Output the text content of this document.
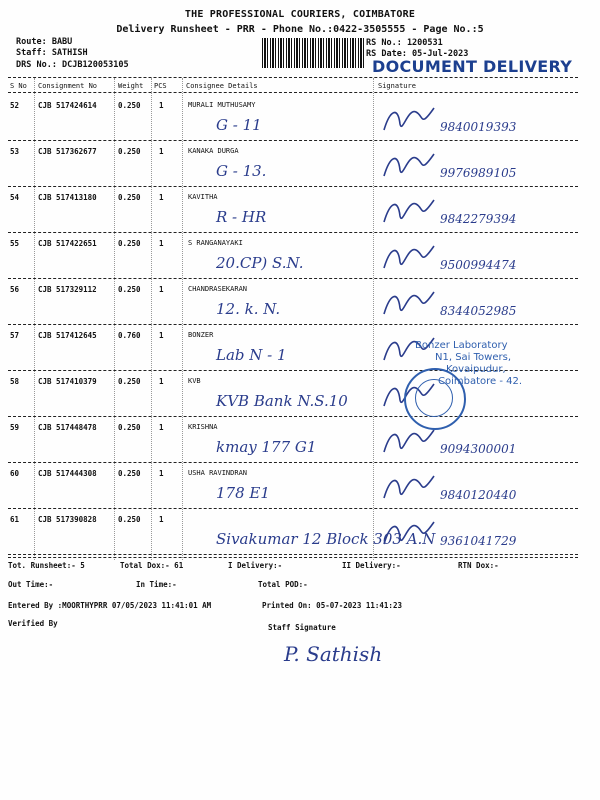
THE PROFESSIONAL COURIERS, COIMBATORE
Delivery Runsheet - PRR - Phone No.:0422-3505555 - Page No.:5
Route: BABU
Staff: SATHISH
DRS No.: DCJB120053105
RS No.: 1200531
RS Date: 05-Jul-2023
DOCUMENT DELIVERY
S No Consignment No	Weight PCS	Consignee Details	Signature
52	CJB 517424614	0.250 1	MURALI MUTHUSAMY
G - 11	9840019393
53	CJB 517362677	0.250 1	KANAKA DURGA
G - 13.	9976989105
54	CJB 517413180	0.250 1	KAVITHA
R - HR	9842279394
55	CJB 517422651	0.250 1	S RANGANAYAKI
20.CP) S.N.	9500994474
56	CJB 517329112	0.250 1	CHANDRASEKARAN
12. k. N.	8344052985
57	CJB 517412645	0.760 1	BONZER
Lab N - 1
58	CJB 517410379	0.250 1	KVB
KVB Bank N.S.10
59	CJB 517448478	0.250 1	KRISHNA
kmay 177 G1	9094300001
60	CJB 517444308	0.250 1	USHA RAVINDRAN
178 E1	9840120440
61	CJB 517390828	0.250 1
Sivakumar 12 Block 303 A.N 9361041729
Bonzer Laboratory
N1, Sai Towers,
Kovaipudur,
Coimbatore - 42.
Tot. Runsheet:- 5	Total Dox:- 61	I Delivery:-	II Delivery:-	RTN Dox:-
Out Time:-	In Time:-	Total POD:-
Entered By :MOORTHYPRR 07/05/2023 11:41:01 AM	Printed On: 05-07-2023 11:41:23
Verified By	Staff Signature
P. Sathish
